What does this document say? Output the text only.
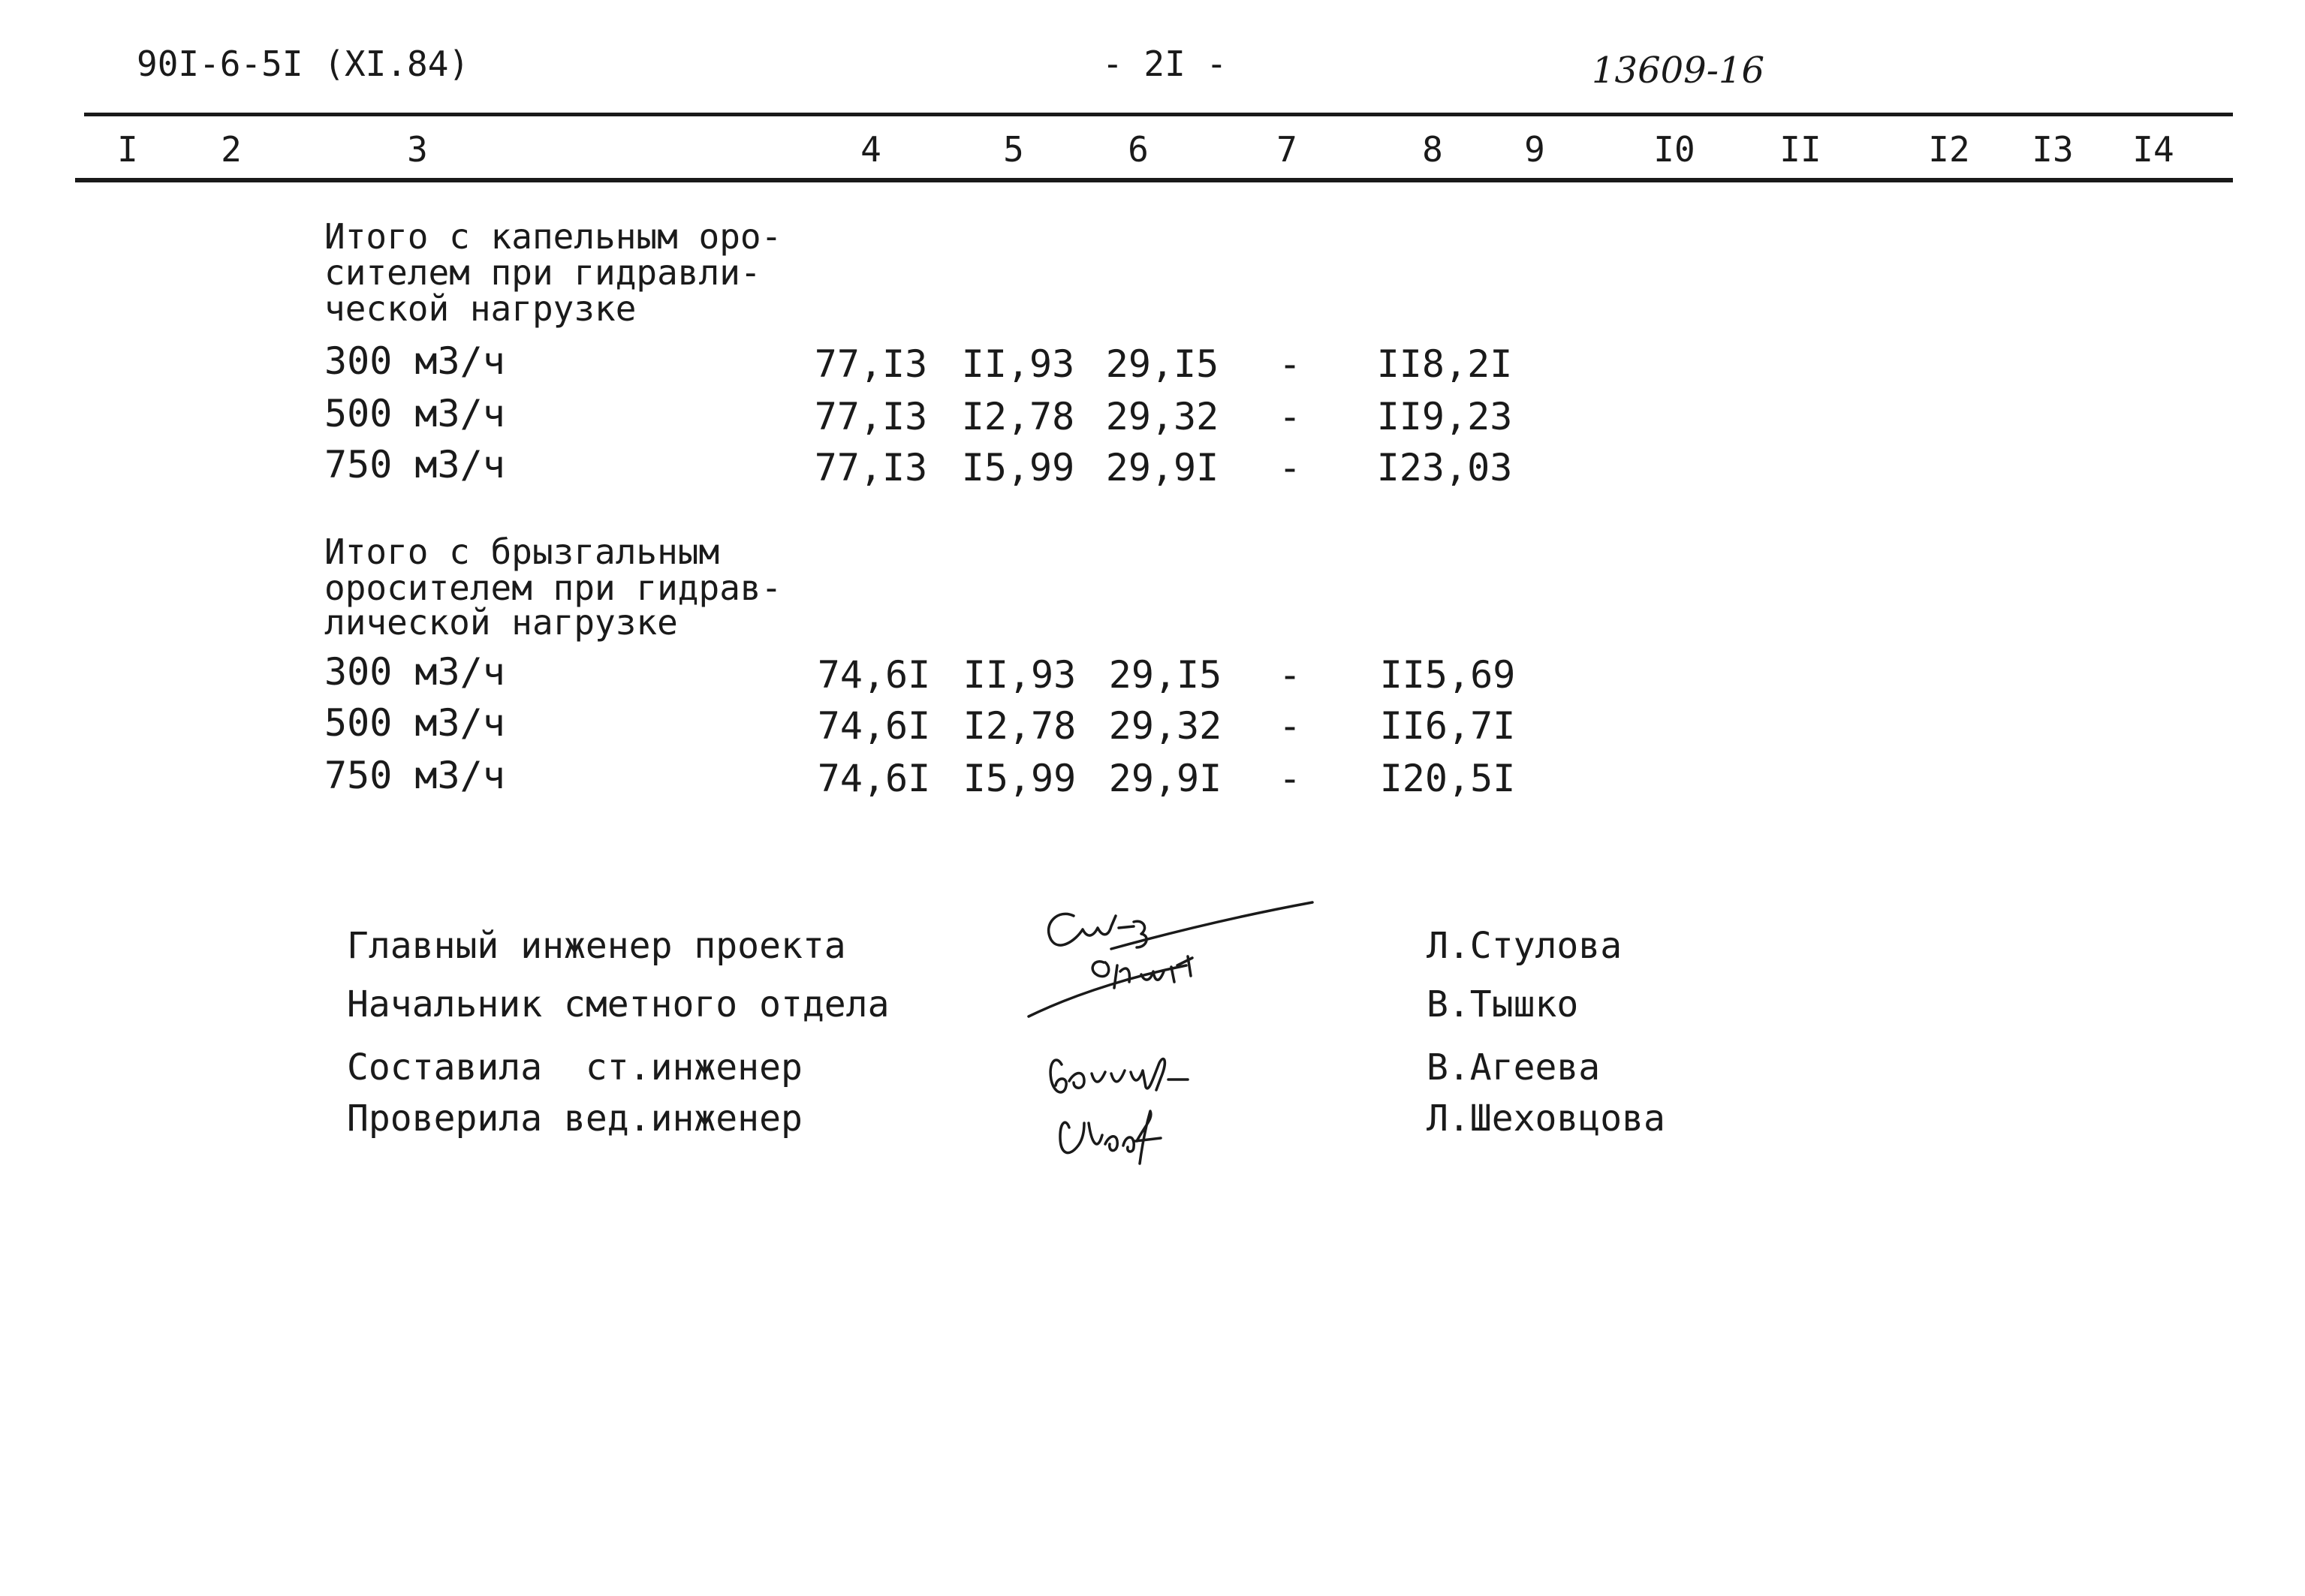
90I-6-5I (XI.84)	- 2I -	13609-16
I 2	3	4	5	6	7	8 9	I0 II	I2 I3 I4
Итого с капельным оро-
сителем при гидравли-
ческой нагрузке
300 м3/ч	77,I3 II,93 29,I5 - II8,2I
500 м3/ч	77,I3 I2,78 29,32 - II9,23
750 м3/ч	77,I3 I5,99 29,9I - I23,03
Итого с брызгальным
оросителем при гидрав-
лической нагрузке
300 м3/ч	74,6I II,93 29,I5 - II5,69
500 м3/ч	74,6I I2,78 29,32 - II6,7I
750 м3/ч	74,6I I5,99 29,9I - I20,5I
Главный инженер проекта	Л.Стулова
Начальник сметного отдела	В.Тышко
Составила  ст.инженер	В.Агеева
Проверила вед.инженер	Л.Шеховцова
